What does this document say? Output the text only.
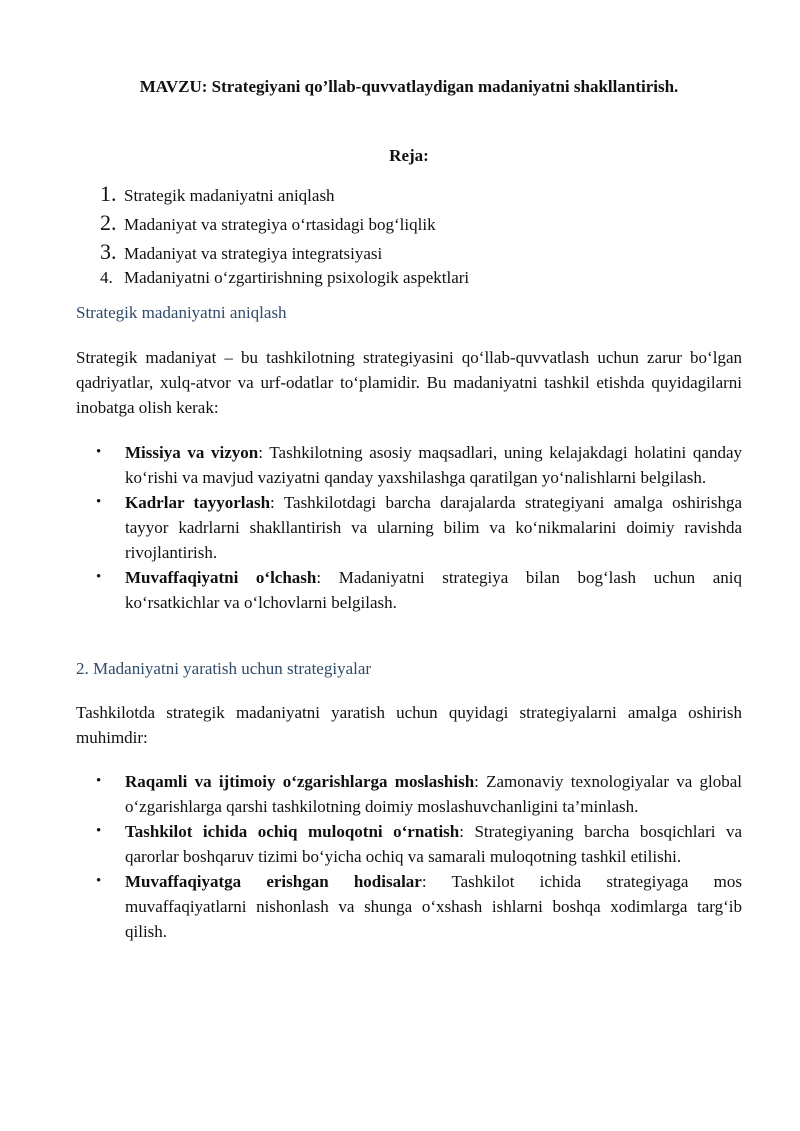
MAVZU: Strategiyani qo’llab-quvvatlaydigan madaniyatni shakllantirish.
Reja:
1. Strategik madaniyatni aniqlash
2. Madaniyat va strategiya o‘rtasidagi bog‘liqlik
3. Madaniyat va strategiya integratsiyasi
4. Madaniyatni o‘zgartirishning psixologik aspektlari
Strategik madaniyatni aniqlash
Strategik madaniyat – bu tashkilotning strategiyasini qo‘llab-quvvatlash uchun zarur bo‘lgan qadriyatlar, xulq-atvor va urf-odatlar to‘plamidir. Bu madaniyatni tashkil etishda quyidagilarni inobatga olish kerak:
•	Missiya va vizyon: Tashkilotning asosiy maqsadlari, uning kelajakdagi holatini qanday ko‘rishi va mavjud vaziyatni qanday yaxshilashga qaratilgan yo‘nalishlarni belgilash.
•	Kadrlar tayyorlash: Tashkilotdagi barcha darajalarda strategiyani amalga oshirishga tayyor kadrlarni shakllantirish va ularning bilim va ko‘nikmalarini doimiy ravishda rivojlantirish.
•	Muvaffaqiyatni o‘lchash: Madaniyatni strategiya bilan bog‘lash uchun aniq ko‘rsatkichlar va o‘lchovlarni belgilash.
2. Madaniyatni yaratish uchun strategiyalar
Tashkilotda strategik madaniyatni yaratish uchun quyidagi strategiyalarni amalga oshirish muhimdir:
•	Raqamli va ijtimoiy o‘zgarishlarga moslashish: Zamonaviy texnologiyalar va global o‘zgarishlarga qarshi tashkilotning doimiy moslashuvchanligini ta’minlash.
•	Tashkilot ichida ochiq muloqotni o‘rnatish: Strategiyaning barcha bosqichlari va qarorlar boshqaruv tizimi bo‘yicha ochiq va samarali muloqotning tashkil etilishi.
•	Muvaffaqiyatga erishgan hodisalar: Tashkilot ichida strategiyaga mos muvaffaqiyatlarni nishonlash va shunga o‘xshash ishlarni boshqa xodimlarga targ‘ib qilish.
